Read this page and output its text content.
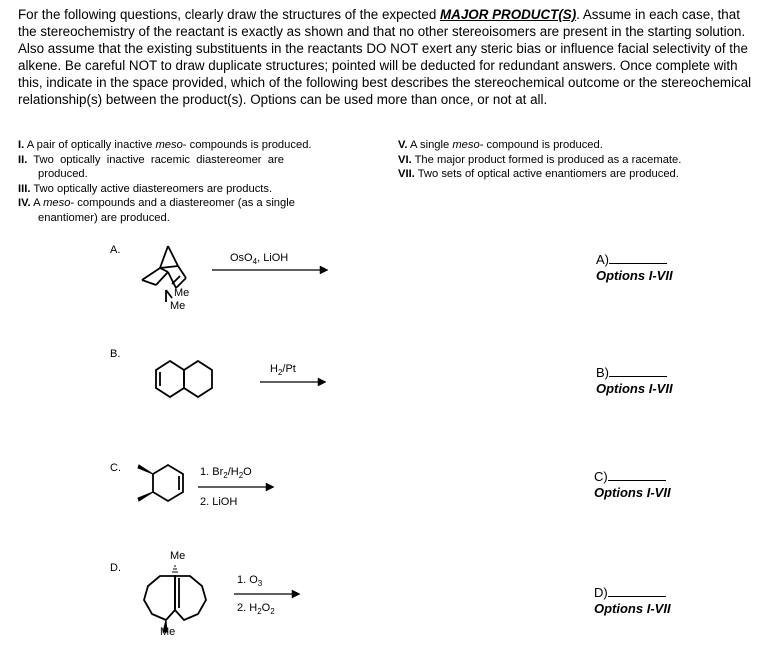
For the following questions, clearly draw the structures of the expected MAJOR PRODUCT(S). Assume in each case, that the stereochemistry of the reactant is exactly as shown and that no other stereoisomers are present in the starting solution. Also assume that the existing substituents in the reactants DO NOT exert any steric bias or influence facial selectivity of the alkene. Be careful NOT to draw duplicate structures; pointed will be deducted for redundant answers. Once complete with this, indicate in the space provided, which of the following best describes the stereochemical outcome or the stereochemical relationship(s) between the product(s). Options can be used more than once, or not at all.
I. A pair of optically inactive meso- compounds is produced.
II.  Two  optically  inactive  racemic  diastereomer  are
produced.
III. Two optically active diastereomers are products.
IV. A meso- compounds and a diastereomer (as a single
enantiomer) are produced.
V. A single meso- compound is produced.
VI. The major product formed is produced as a racemate.
VII. Two sets of optical active enantiomers are produced.
A.
Me
Me
OsO$_4$, LiOH	A)
Options I-VII
B.
$H_2/Pt$	B)
Options I-VII
C.	1. $Br_2/H_2O$
2. LiOH
C)
Options I-VII
D.
Me
Me
1. $O_3$
2. $H_2O_2$
D)
Options I-VII
